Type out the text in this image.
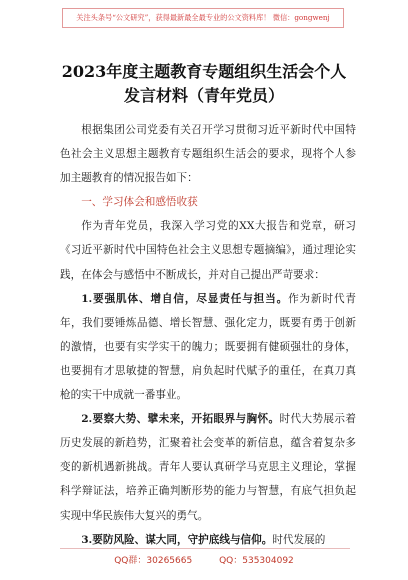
关注头条号“公文研究”，获得最新最全最专业的公文资料库！ 微信：gongwenj
2023年度主题教育专题组织生活会个人
发言材料（青年党员）

根据集团公司党委有关召开学习贯彻习近平新时代中国特色社会主义思想主题教育专题组织生活会的要求，现将个人参加主题教育的情况报告如下：

一、学习体会和感悟收获

作为青年党员，我深入学习党的XX大报告和党章，研习《习近平新时代中国特色社会主义思想专题摘编》，通过理论实践，在体会与感悟中不断成长，并对自己提出严苛要求：

1.要强肌体、增自信，尽显责任与担当。作为新时代青年，我们要锤炼品德、增长智慧、强化定力，既要有勇于创新的激情，也要有实学实干的魄力；既要拥有健硕强壮的身体，也要拥有才思敏捷的智慧，肩负起时代赋予的重任，在真刀真枪的实干中成就一番事业。

2.要察大势、擘未来，开拓眼界与胸怀。时代大势展示着历史发展的新趋势，汇聚着社会变革的新信息，蕴含着复杂多变的新机遇新挑战。青年人要认真研学马克思主义理论，掌握科学辩证法，培养正确判断形势的能力与智慧，有底气担负起实现中华民族伟大复兴的勇气。

3.要防风险、谋大同，守护底线与信仰。时代发展的

QQ群：30265665	QQ：535304092
